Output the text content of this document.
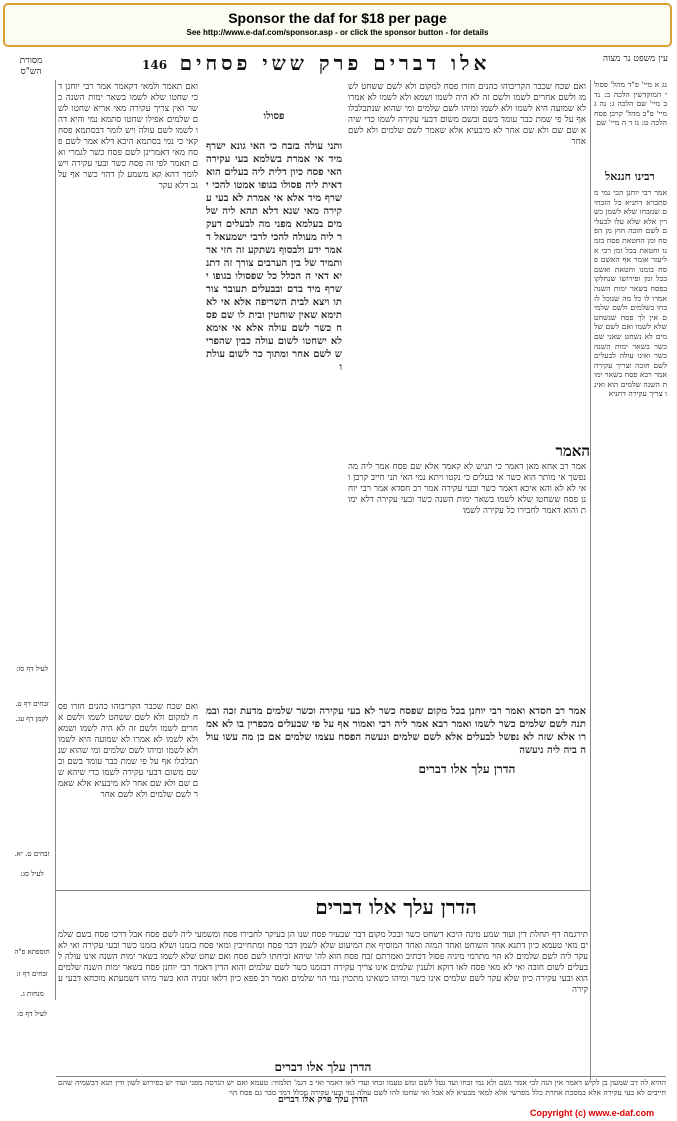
Sponsor the daf for $18 per page
See http://www.e-daf.com/sponsor.asp - or click the sponsor button - for details
מסורת הש"ס	146 אלו דברים פרק ששי פסחים	עין משפט נר מצוה
לעיל דף סז:
זבחים דף ט.
לקמן דף עג.
זבחים ט. יא.
לעיל סג:
תוספתא פ"ה
זבחים דף ז:
מנחות ג.
לעיל דף ס:
ואם תאמר ולמאי דקאמר אמר רבי יוחנן דכי שחטו שלא לשמו בשאר ימות השנה כשר ואין צריך עקירה מאי אריא שחטו לשם שלמים אפילו שחטו סתמא נמי והיא דהו לשמו לשם עולה ויש לומר דבסתמא פסח קאי כי נמי בסתמא היכא דלא אמר לשם פסח מאי דאמרינן לשם פסח כשר לגמרי ואם תאמר לפי זה פסח כשר ובעי עקירה ויש לומר דהא קא משמע לן דהוי כשר אף על גב דלא עקר
ואם שכח שכבר הקריבוהו כהנים חזרו פסח למקום ולא לשם ששחט לשמו ולשם אחרים לשמו ולשם זה לא היה לשמו ושמא ולא לשמו לא אמרו לא שמועה היא לשמו ולא לשמו ומיהו לשם שלמים ומי שהוא שנתבלבלו אף על פי שמת כבר עומד בשם ובשם משום דבעי עקירה לשמו כדי שיהא שם שם ולא שם אחר לא מיבעיא אלא שאמר לשם שלמים ולא לשם אחר
פסולו
ואם שכח שכבר הקריבוהו כהנים חזרו פסח למקום ולא לשם ששחט לשמו ולשם אחרים לשמו ולשם זה לא היה לשמו ושמא ולא לשמו לא אמרו לא שמועה היא לשמו ולא לשמו ומיהו לשם שלמים ומי שהוא שנתבלבלו אף על פי שמת כבר עומד בשם ובשם משום דבעי עקירה לשמו כדי שיהא שם שם ולא שם אחר לא מיבעיא אלא שאמר לשם שלמים ולא לשם אחר
ותני עולה בזבח כי האי גונא ישרף מיד אי אמרת בשלמא בעי עקירה האי פסח כיון דלית ליה בעלים הוא דאית ליה פסולו בגופו אמטו להכי ישרף מיד אלא אי אמרת לא בעי עקירה מאי שנא דלא תהא ליה שלמים בעלמא מפני מה לבעלים דעקר ליה מעולה להכי לרבי ישמעאל דאמר ידע ולבסוף נשתקע זה חזי אר ותמיד של בין הערבים צורך זה דתניא דאי ה הכלל כל שפסולו בגופו ישרף מיד בדם ובבעלים תעובר צורתו ויצא לבית השריפה אלא אי לא תימא שאין שוחטין ובית לו שם פסח כשר לשם עולה אלא אי אימא לא ישחטו לשום עולה כבין שהפריש לשם אחר ומתוך כר לשום עולתו
האמר
אמר רב אחא מאן דאמר כי תגיש לא קאמר אלא שם פסח אמר ליה מה נפשך אי מותר הוא כשר אי בעלים כי נקטו ויתא נמי האי תני חייב קרבן ואי לא לא והא איכא דאמר כשר ובעי עקירה אמר רב חסדא אמר רבי יוחנן פסח ששחטו שלא לשמו בשאר ימות השנה כשר ובעי עקירה דלא ימות והוא דאמר לחבירו כל עקירה לשמו
הדרן עלך אלו דברים
אמר רב חסדא ואמר רבי יוחנן בכל מקום שפסח כשר לא בעי עקירה וכשר שלמים מדעת זכה ובמתנה לשם שלמים כשר לשמו ואמר רבא אמר ליה רבי ואמור אף על פי שבעלים מכפרין בו לא אמרו אלא שזה לא נפשל לבעלים אלא לשם שלמים ונעשה הפסח עצמו שלמים אם כן מה עשו עולה ביה ליה ניעשה
הדרן עלך אלו דברים
נג א מיי' פ"ד מהל' פסולי המוקדשין הלכה ב: נד ב מיי' שם הלכה ג: נה ג מיי' פ"ב מהל' קרבן פסח הלכה ט: נו ד ה מיי' שם
רבינו חננאל
אמר רבי יוחנן הכי נמי מסתברא דתניא כל הזבחים שנזבחו שלא לשמן כשרין אלא שלא עלו לבעלים לשם חובה חוץ מן הפסח ומן החטאת פסח בזמנו וחטאת בכל זמן רבי אליעזר אומר אף האשם פסח בזמנו וחטאת ואשם בכל זמן ופירושו שנחלקו בפסח בשאר ימות השנה אמרו לו כל מה שנוכל לזבחו בשלמים ולשם שלמים אין לך פסח שנשחט שלא לשמו ואם לשם שלמים לא נשחט שאני שם כשר בשאר ימות השנה כשר ואינו עולה לבעלים לשם חובה וצריך עקירה אמר רבא פסח בשאר ימות השנה שלמים הוא ואינו צריך עקירה דתניא
תירגמה דף תחלת דין ועוד שמע מינה היכא דשחט כשר ובכל מקום דבר שבעיר פסח שנו הן בעיקר לחבירו פסח ומשמעי ליה לשם פסח אבל דרכו פסח בשם שלמים מאי טעמא כיון דתנא אחד השוחט ואחד המזה ואחד המוסיף את המיעוט שלא לשמן דבר פסח ומתחייבין ומאי פסח בזמנו ושלא בזמנו כשר ובעי עקירה ואי לא עקר ליה לשם שלמים לא הוי מתרמי מיניה פסול דכתיב ואמרתם זבח פסח הוא לה' שיהא זביחתו לשם פסח ואם שחט שלא לשמו בשאר ימות השנה אינו עולה לבעלים לשום חובה ואי לא מאי פסח לאו דוקא ולענין שלמים אינו צריך עקירה דבזמנו כשר לשם שלמים והוא הדין דאמר רבי יוחנן פסח בשאר ימות השנה שלמים הוא ובעי עקירה כיון שלא עקר לשם שלמים אינו כשר ומיהו כשאינו מתכוין נמי הוי שלמים ואמר רב פפא כיון דלאו זמניה הוא כשר מיהו דשמעתא מוכחא דבעי עקירה
הדרן עלך אלו דברים
ההיא לה דב שמעון בן לקיש דאמר אין הנה לבי אמר גשם ולא נמי זבחו ועד נטל לשם ומש טעמו זבחו ועדי לאו דאמר ואי ב דגמ' תלמוד: טעמא ואם יש הגרסה מפני ועוד יש בפירוש לשון ודין תנא דבשמיה שהם חייבים לא בעי עקירה אלא במסכת אחרת כלל מפרשי אלא למאי מבעיא לא אבל ואי שחטו להו לשם עולה נמי ובעי עקירה מכלל דמר סבר גם פסח הוי
הדרן עלך פרק אלו דברים
Copyright (c) www.e-daf.com
